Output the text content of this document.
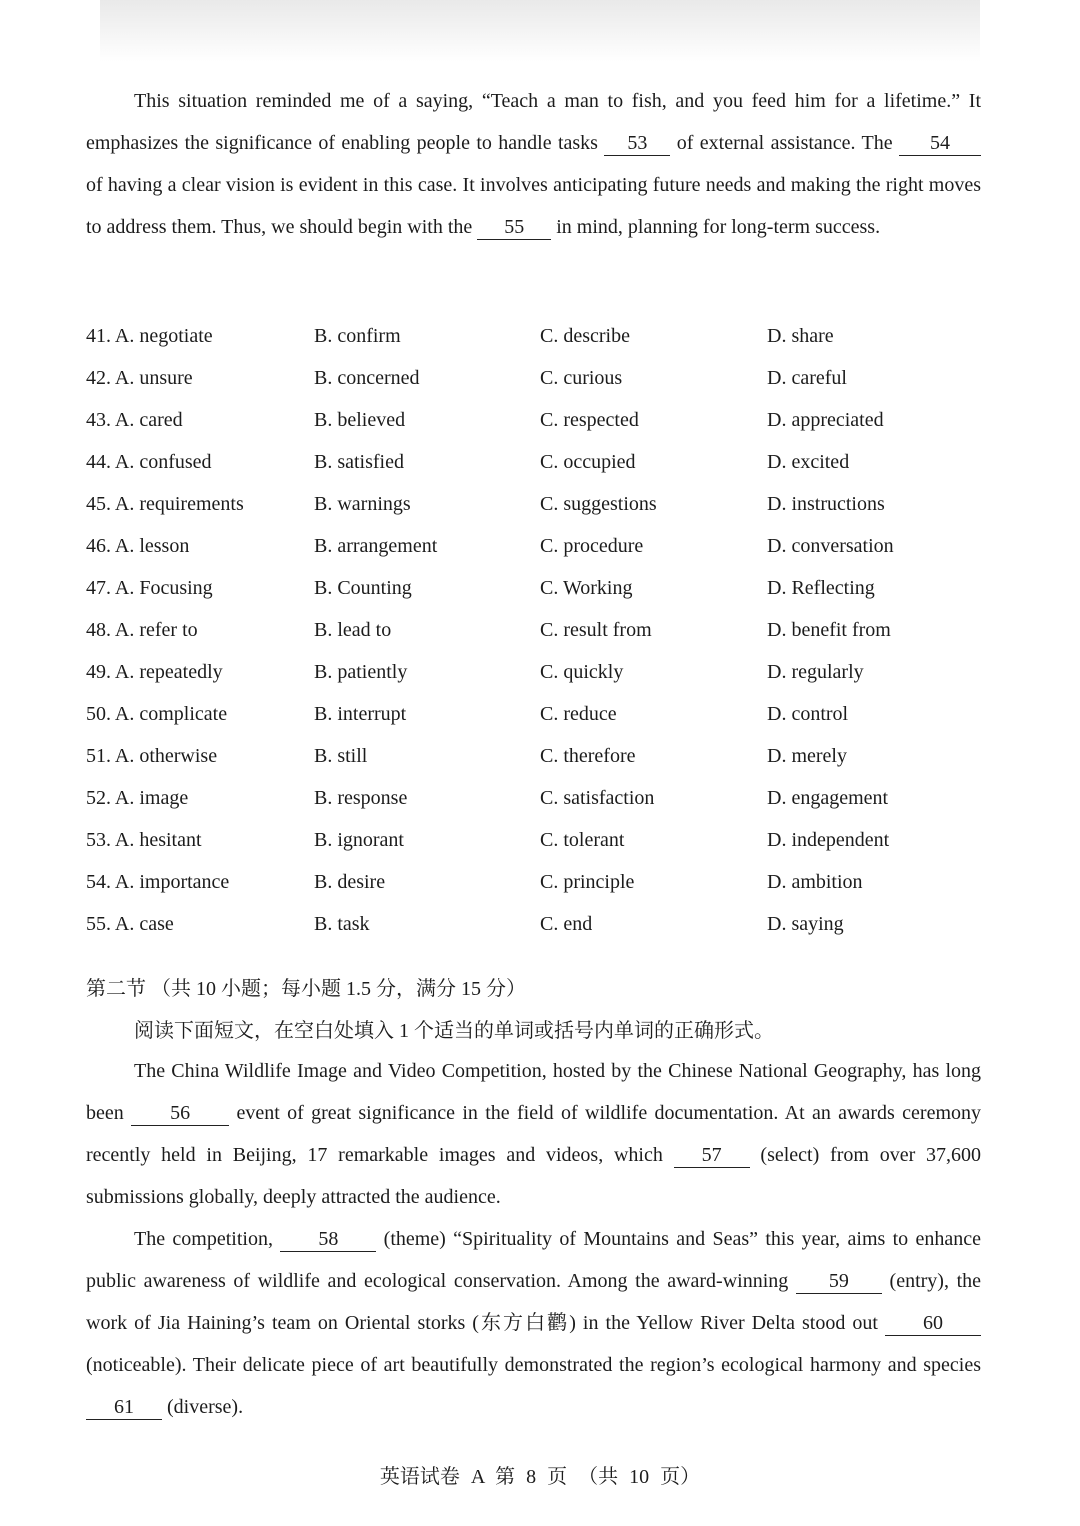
This situation reminded me of a saying, “Teach a man to fish, and you feed him for a lifetime.” It emphasizes the significance of enabling people to handle tasks 53 of external assistance. The 54 of having a clear vision is evident in this case. It involves anticipating future needs and making the right moves to address them. Thus, we should begin with the 55 in mind, planning for long-term success.
41. A. negotiate	B. confirm	C. describe	D. share
42. A. unsure	B. concerned	C. curious	D. careful
43. A. cared	B. believed	C. respected	D. appreciated
44. A. confused	B. satisfied	C. occupied	D. excited
45. A. requirements	B. warnings	C. suggestions	D. instructions
46. A. lesson	B. arrangement	C. procedure	D. conversation
47. A. Focusing	B. Counting	C. Working	D. Reflecting
48. A. refer to	B. lead to	C. result from	D. benefit from
49. A. repeatedly	B. patiently	C. quickly	D. regularly
50. A. complicate	B. interrupt	C. reduce	D. control
51. A. otherwise	B. still	C. therefore	D. merely
52. A. image	B. response	C. satisfaction	D. engagement
53. A. hesitant	B. ignorant	C. tolerant	D. independent
54. A. importance	B. desire	C. principle	D. ambition
55. A. case	B. task	C. end	D. saying
第二节 （共 10 小题；每小题 1.5 分，满分 15 分）
阅读下面短文，在空白处填入 1 个适当的单词或括号内单词的正确形式。
The China Wildlife Image and Video Competition, hosted by the Chinese National Geography, has long been 56 event of great significance in the field of wildlife documentation. At an awards ceremony recently held in Beijing, 17 remarkable images and videos, which 57 (select) from over 37,600 submissions globally, deeply attracted the audience.
The competition, 58 (theme) “Spirituality of Mountains and Seas” this year, aims to enhance public awareness of wildlife and ecological conservation. Among the award-winning 59 (entry), the work of Jia Haining’s team on Oriental storks (东方白鹳) in the Yellow River Delta stood out 60 (noticeable). Their delicate piece of art beautifully demonstrated the region’s ecological harmony and species 61 (diverse).
英语试卷 A 第 8 页 （共 10 页）
